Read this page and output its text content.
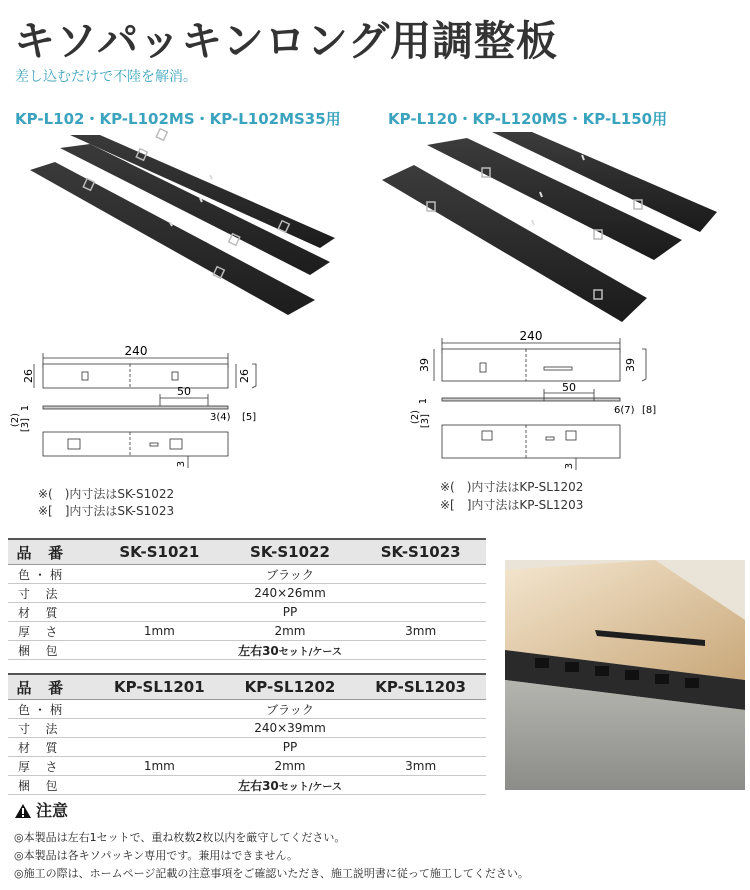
キソパッキンロング用調整板
差し込むだけで不陸を解消。
KP-L102・KP-L102MS・KP-L102MS35用
240
26	26
50
3(4) [5]
1
(2) [3]
3
※(　)内寸法はSK-S1022
※[　]内寸法はSK-S1023
KP-L120・KP-L120MS・KP-L150用
240
39	39
50
6(7) [8]
1
(2) [3]
3
※(　)内寸法はKP-SL1202
※[　]内寸法はKP-SL1203
品 番	SK-S1021	SK-S1022	SK-S1023
色 ・ 柄	ブラック		
寸 法	240×26mm		
材 質	PP		
厚 さ	1mm	2mm	3mm
梱 包	左右30セット/ケース		
品 番	KP-SL1201	KP-SL1202	KP-SL1203
色 ・ 柄	ブラック		
寸 法	240×39mm		
材 質	PP		
厚 さ	1mm	2mm	3mm
梱 包	左右30セット/ケース		
注意
◎本製品は左右1セットで、重ね枚数2枚以内を厳守してください。
◎本製品は各キソパッキン専用です。兼用はできません。
◎施工の際は、ホームページ記載の注意事項をご確認いただき、施工説明書に従って施工してください。
